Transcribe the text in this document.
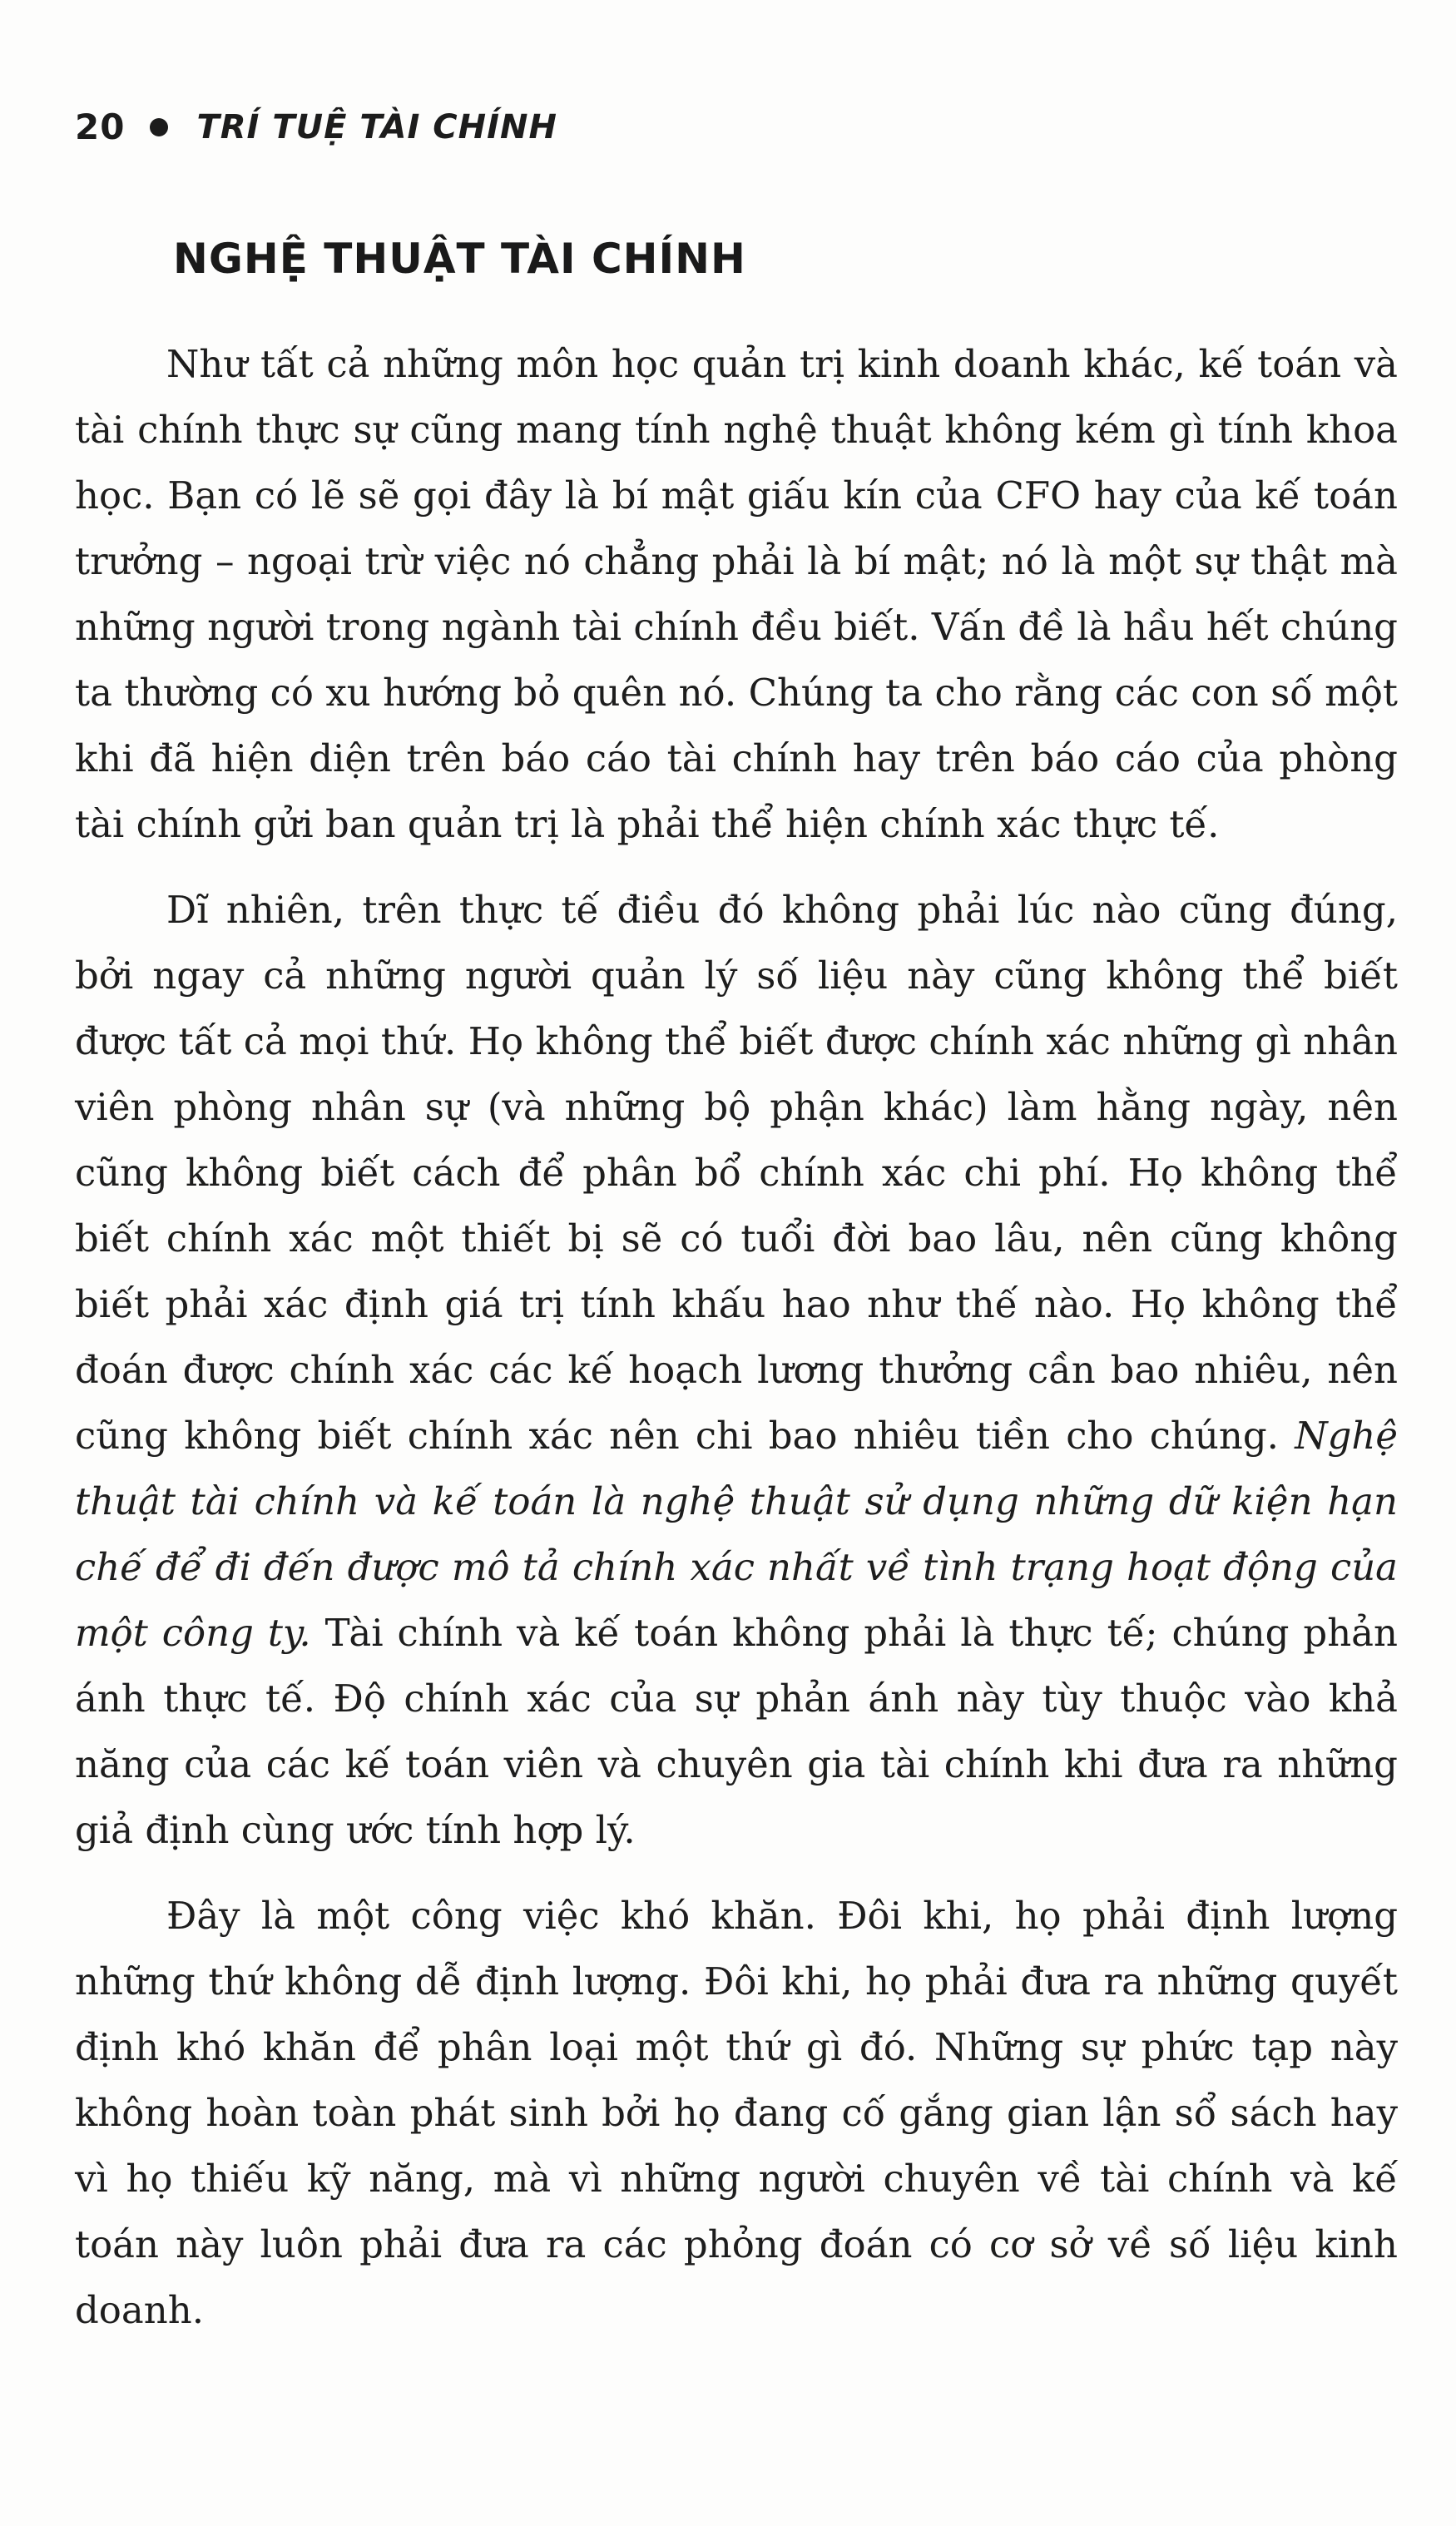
20 TRÍ TUỆ TÀI CHÍNH
NGHỆ THUẬT TÀI CHÍNH

Như tất cả những môn học quản trị kinh doanh khác, kế toán và tài chính thực sự cũng mang tính nghệ thuật không kém gì tính khoa học. Bạn có lẽ sẽ gọi đây là bí mật giấu kín của CFO hay của kế toán trưởng – ngoại trừ việc nó chẳng phải là bí mật; nó là một sự thật mà những người trong ngành tài chính đều biết. Vấn đề là hầu hết chúng ta thường có xu hướng bỏ quên nó. Chúng ta cho rằng các con số một khi đã hiện diện trên báo cáo tài chính hay trên báo cáo của phòng tài chính gửi ban quản trị là phải thể hiện chính xác thực tế.

Dĩ nhiên, trên thực tế điều đó không phải lúc nào cũng đúng, bởi ngay cả những người quản lý số liệu này cũng không thể biết được tất cả mọi thứ. Họ không thể biết được chính xác những gì nhân viên phòng nhân sự (và những bộ phận khác) làm hằng ngày, nên cũng không biết cách để phân bổ chính xác chi phí. Họ không thể biết chính xác một thiết bị sẽ có tuổi đời bao lâu, nên cũng không biết phải xác định giá trị tính khấu hao như thế nào. Họ không thể đoán được chính xác các kế hoạch lương thưởng cần bao nhiêu, nên cũng không biết chính xác nên chi bao nhiêu tiền cho chúng. Nghệ thuật tài chính và kế toán là nghệ thuật sử dụng những dữ kiện hạn chế để đi đến được mô tả chính xác nhất về tình trạng hoạt động của một công ty. Tài chính và kế toán không phải là thực tế; chúng phản ánh thực tế. Độ chính xác của sự phản ánh này tùy thuộc vào khả năng của các kế toán viên và chuyên gia tài chính khi đưa ra những giả định cùng ước tính hợp lý.

Đây là một công việc khó khăn. Đôi khi, họ phải định lượng những thứ không dễ định lượng. Đôi khi, họ phải đưa ra những quyết định khó khăn để phân loại một thứ gì đó. Những sự phức tạp này không hoàn toàn phát sinh bởi họ đang cố gắng gian lận sổ sách hay vì họ thiếu kỹ năng, mà vì những người chuyên về tài chính và kế toán này luôn phải đưa ra các phỏng đoán có cơ sở về số liệu kinh doanh.
